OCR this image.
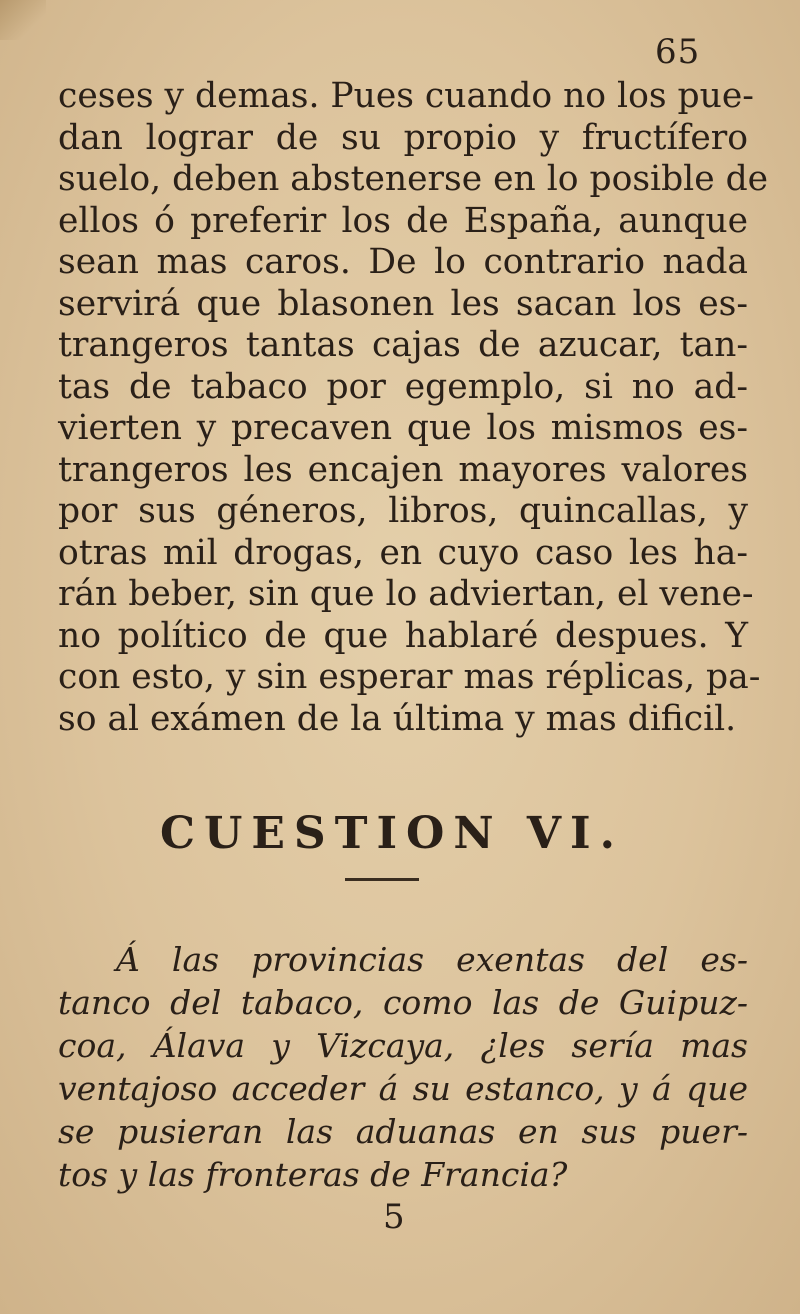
65
ceses y demas. Pues cuando no los pue-
dan lograr de su propio y fructífero
suelo, deben abstenerse en lo posible de
ellos ó preferir los de España, aunque
sean mas caros. De lo contrario nada
servirá que blasonen les sacan los es-
trangeros tantas cajas de azucar, tan-
tas de tabaco por egemplo, si no ad-
vierten y precaven que los mismos es-
trangeros les encajen mayores valores
por sus géneros, libros, quincallas, y
otras mil drogas, en cuyo caso les ha-
rán beber, sin que lo adviertan, el vene-
no político de que hablaré despues. Y
con esto, y sin esperar mas réplicas, pa-
so al exámen de la última y mas dificil.
CUESTION VI.
Á las provincias exentas del es-
tanco del tabaco, como las de Guipuz-
coa, Álava y Vizcaya, ¿les sería mas
ventajoso acceder á su estanco, y á que
se pusieran las aduanas en sus puer-
tos y las fronteras de Francia?
5
